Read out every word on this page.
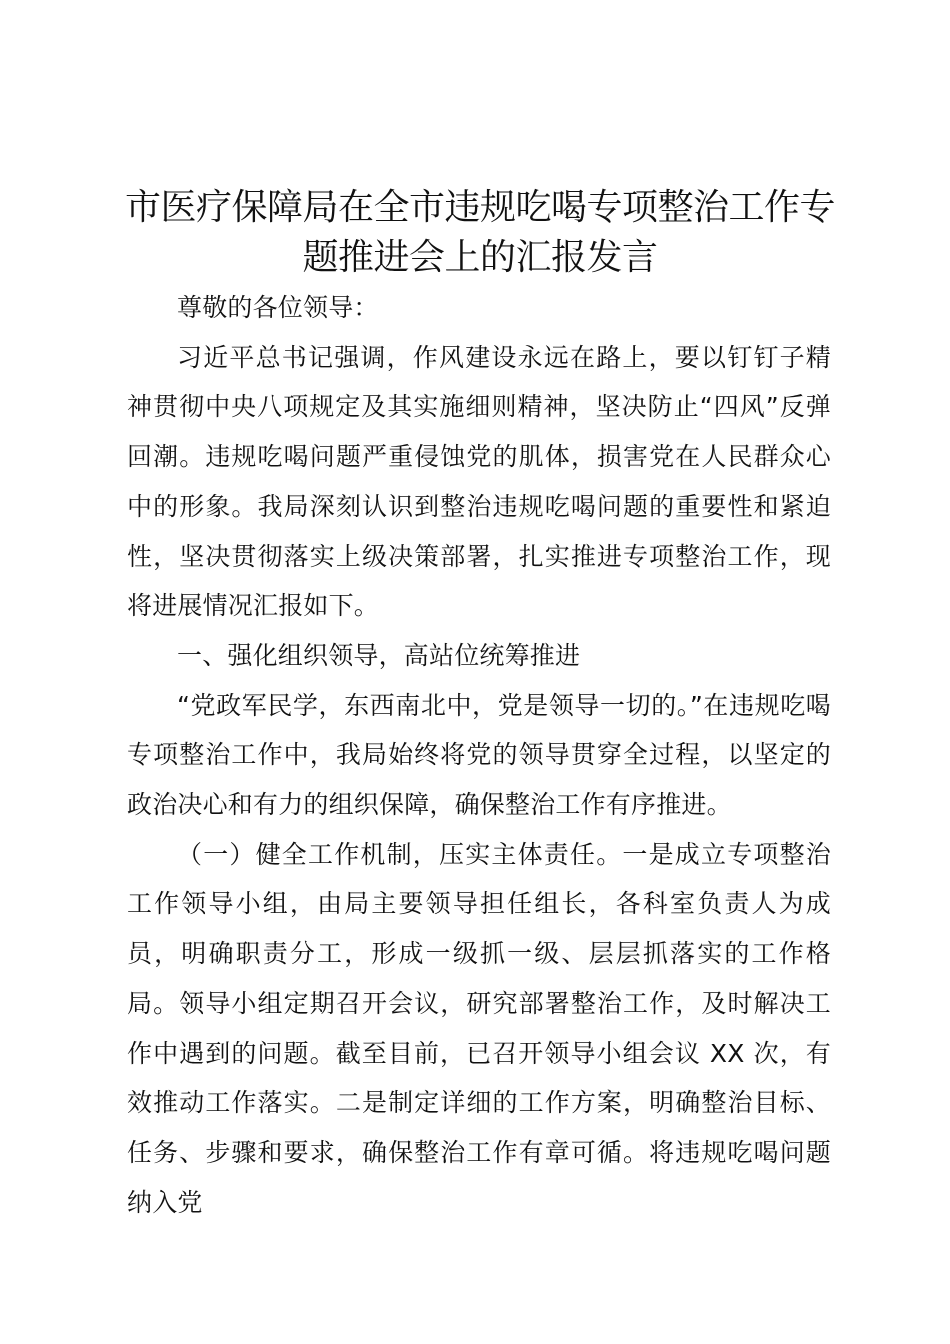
市医疗保障局在全市违规吃喝专项整治工作专题推进会上的汇报发言

尊敬的各位领导：

习近平总书记强调，作风建设永远在路上，要以钉钉子精神贯彻中央八项规定及其实施细则精神，坚决防止“四风”反弹回潮。违规吃喝问题严重侵蚀党的肌体，损害党在人民群众心中的形象。我局深刻认识到整治违规吃喝问题的重要性和紧迫性，坚决贯彻落实上级决策部署，扎实推进专项整治工作，现将进展情况汇报如下。

一、强化组织领导，高站位统筹推进

“党政军民学，东西南北中，党是领导一切的。”在违规吃喝专项整治工作中，我局始终将党的领导贯穿全过程，以坚定的政治决心和有力的组织保障，确保整治工作有序推进。

（一）健全工作机制，压实主体责任。一是成立专项整治工作领导小组，由局主要领导担任组长，各科室负责人为成员，明确职责分工，形成一级抓一级、层层抓落实的工作格局。领导小组定期召开会议，研究部署整治工作，及时解决工作中遇到的问题。截至目前，已召开领导小组会议 XX 次，有效推动工作落实。二是制定详细的工作方案，明确整治目标、任务、步骤和要求，确保整治工作有章可循。将违规吃喝问题纳入党
